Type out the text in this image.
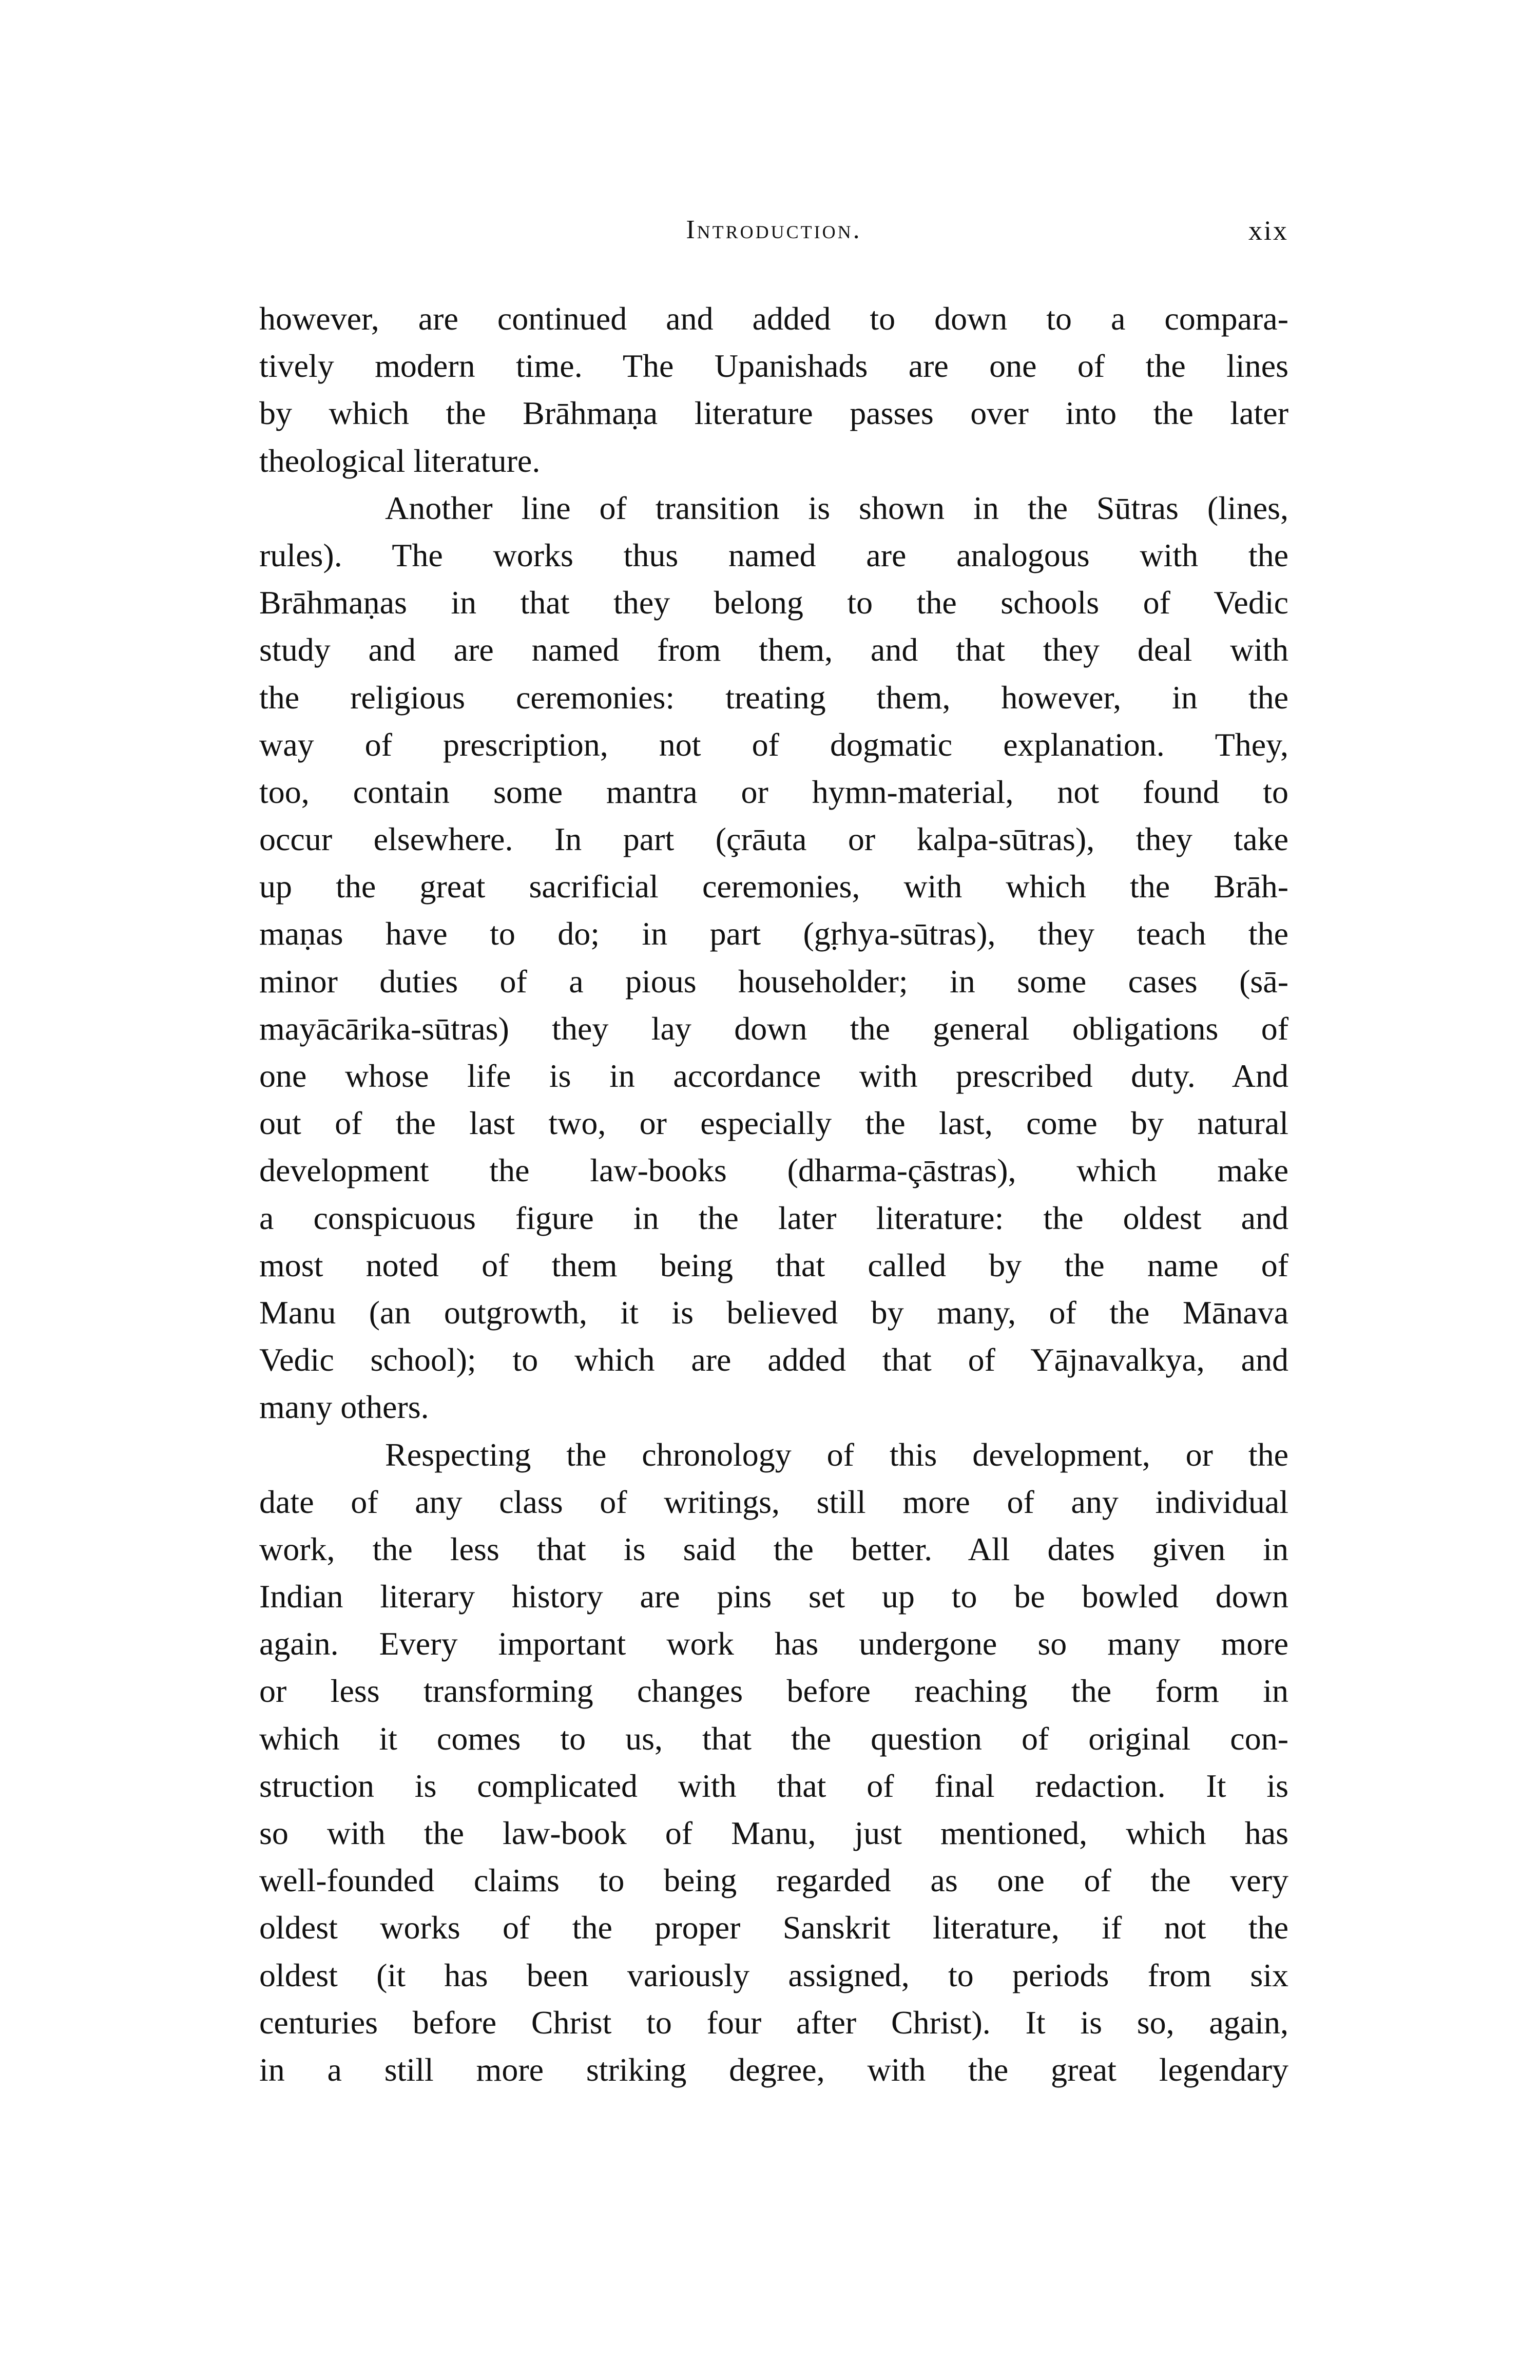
Introduction.	xix
however, are continued and added to down to a compara-
tively modern time. The Upanishads are one of the lines
by which the Brāhmaṇa literature passes over into the later
theological literature.
Another line of transition is shown in the Sūtras (lines,
rules). The works thus named are analogous with the
Brāhmaṇas in that they belong to the schools of Vedic
study and are named from them, and that they deal with
the religious ceremonies: treating them, however, in the
way of prescription, not of dogmatic explanation. They,
too, contain some mantra or hymn-material, not found to
occur elsewhere. In part (çrāuta or kalpa-sūtras), they take
up the great sacrificial ceremonies, with which the Brāh-
maṇas have to do; in part (gṛhya-sūtras), they teach the
minor duties of a pious householder; in some cases (sā-
mayācārika-sūtras) they lay down the general obligations of
one whose life is in accordance with prescribed duty. And
out of the last two, or especially the last, come by natural
development the law-books (dharma-çāstras), which make
a conspicuous figure in the later literature: the oldest and
most noted of them being that called by the name of
Manu (an outgrowth, it is believed by many, of the Mānava
Vedic school); to which are added that of Yājnavalkya, and
many others.
Respecting the chronology of this development, or the
date of any class of writings, still more of any individual
work, the less that is said the better. All dates given in
Indian literary history are pins set up to be bowled down
again. Every important work has undergone so many more
or less transforming changes before reaching the form in
which it comes to us, that the question of original con-
struction is complicated with that of final redaction. It is
so with the law-book of Manu, just mentioned, which has
well-founded claims to being regarded as one of the very
oldest works of the proper Sanskrit literature, if not the
oldest (it has been variously assigned, to periods from six
centuries before Christ to four after Christ). It is so, again,
in a still more striking degree, with the great legendary
